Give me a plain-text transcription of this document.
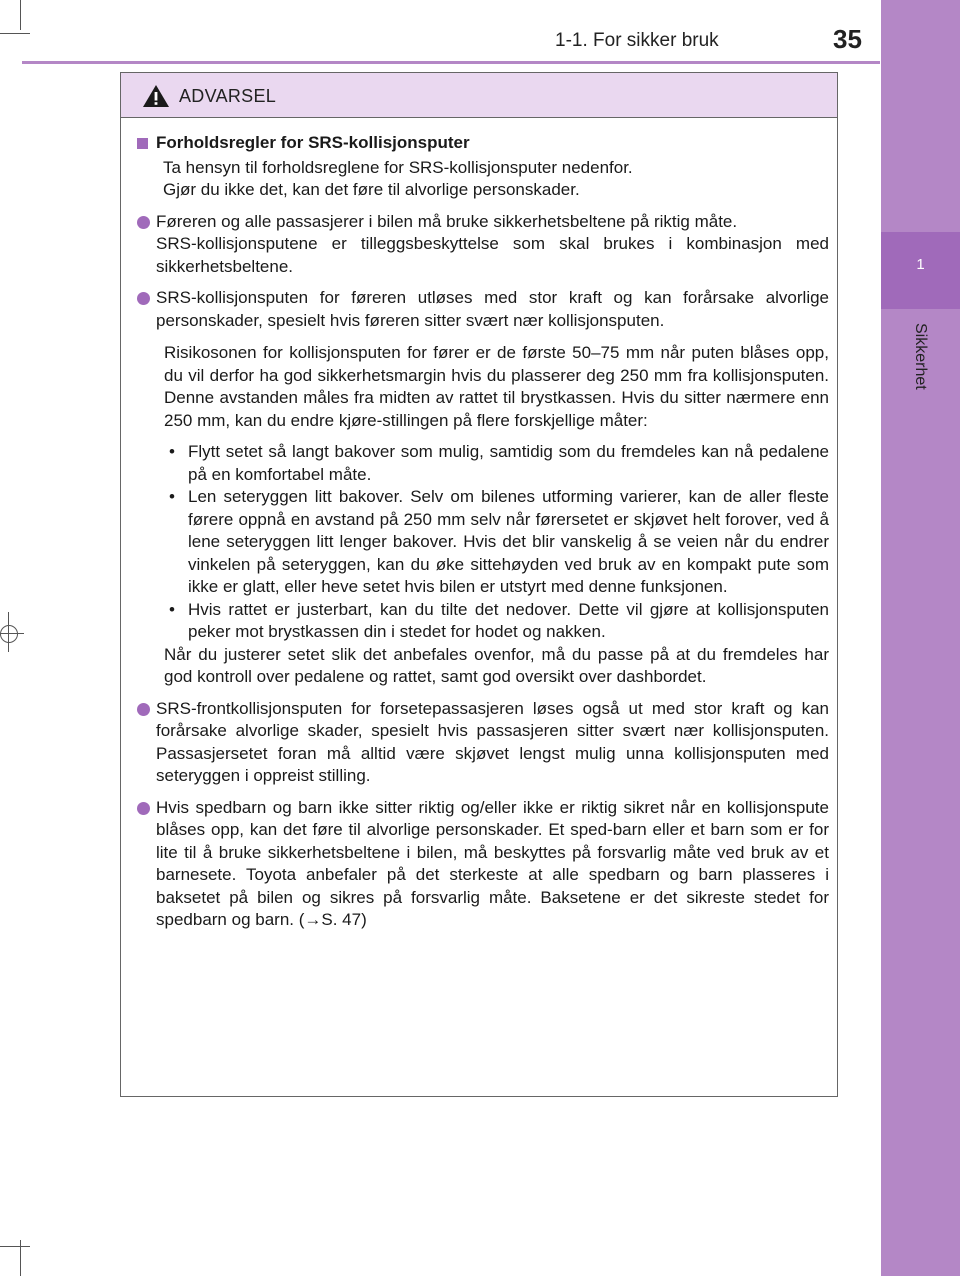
1
Sikkerhet
1-1. For sikker bruk	35
ADVARSEL
Forholdsregler for SRS-kollisjonsputer
Ta hensyn til forholdsreglene for SRS-kollisjonsputer nedenfor.
Gjør du ikke det, kan det føre til alvorlige personskader.
Føreren og alle passasjerer i bilen må bruke sikkerhetsbeltene på riktig måte.
SRS-kollisjonsputene er tilleggsbeskyttelse som skal brukes i kombinasjon med sikkerhetsbeltene.
SRS-kollisjonsputen for føreren utløses med stor kraft og kan forårsake alvorlige personskader, spesielt hvis føreren sitter svært nær kollisjonsputen.
Risikosonen for kollisjonsputen for fører er de første 50–75 mm når puten blåses opp, du vil derfor ha god sikkerhetsmargin hvis du plasserer deg 250 mm fra kollisjonsputen. Denne avstanden måles fra midten av rattet til brystkassen. Hvis du sitter nærmere enn 250 mm, kan du endre kjøre-stillingen på flere forskjellige måter:
• Flytt setet så langt bakover som mulig, samtidig som du fremdeles kan nå pedalene på en komfortabel måte.
• Len seteryggen litt bakover. Selv om bilenes utforming varierer, kan de aller fleste førere oppnå en avstand på 250 mm selv når førersetet er skjøvet helt forover, ved å lene seteryggen litt lenger bakover. Hvis det blir vanskelig å se veien når du endrer vinkelen på seteryggen, kan du øke sittehøyden ved bruk av en kompakt pute som ikke er glatt, eller heve setet hvis bilen er utstyrt med denne funksjonen.
• Hvis rattet er justerbart, kan du tilte det nedover. Dette vil gjøre at kollisjonsputen peker mot brystkassen din i stedet for hodet og nakken.
Når du justerer setet slik det anbefales ovenfor, må du passe på at du fremdeles har god kontroll over pedalene og rattet, samt god oversikt over dashbordet.
SRS-frontkollisjonsputen for forsetepassasjeren løses også ut med stor kraft og kan forårsake alvorlige skader, spesielt hvis passasjeren sitter svært nær kollisjonsputen. Passasjersetet foran må alltid være skjøvet lengst mulig unna kollisjonsputen med seteryggen i oppreist stilling.
Hvis spedbarn og barn ikke sitter riktig og/eller ikke er riktig sikret når en kollisjonspute blåses opp, kan det føre til alvorlige personskader. Et sped-barn eller et barn som er for lite til å bruke sikkerhetsbeltene i bilen, må beskyttes på forsvarlig måte ved bruk av et barnesete. Toyota anbefaler på det sterkeste at alle spedbarn og barn plasseres i baksetet på bilen og sikres på forsvarlig måte. Baksetene er det sikreste stedet for spedbarn og barn. (→S. 47)
